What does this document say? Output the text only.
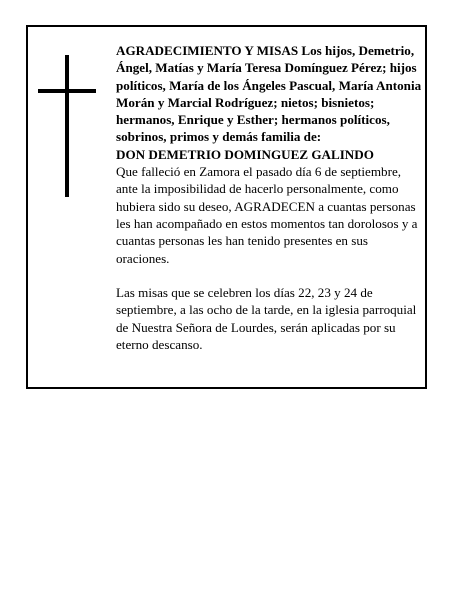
AGRADECIMIENTO Y MISAS Los hijos, Demetrio, Ángel, Matías y María Teresa Domínguez Pérez; hijos políticos, María de los Ángeles Pascual, María Antonia Morán y Marcial Rodríguez; nietos; bisnietos; hermanos, Enrique y Esther; hermanos políticos, sobrinos, primos y demás familia de:
DON DEMETRIO DOMINGUEZ GALINDO

Que falleció en Zamora el pasado día 6 de septiembre, ante la imposibilidad de hacerlo personalmente, como hubiera sido su deseo, AGRADECEN a cuantas personas les han acompañado en estos momentos tan dorolosos y a cuantas personas les han tenido presentes en sus oraciones.

Las misas que se celebren los días 22, 23 y 24 de septiembre, a las ocho de la tarde, en la iglesia parroquial de Nuestra Señora de Lourdes, serán aplicadas por su eterno descanso.
